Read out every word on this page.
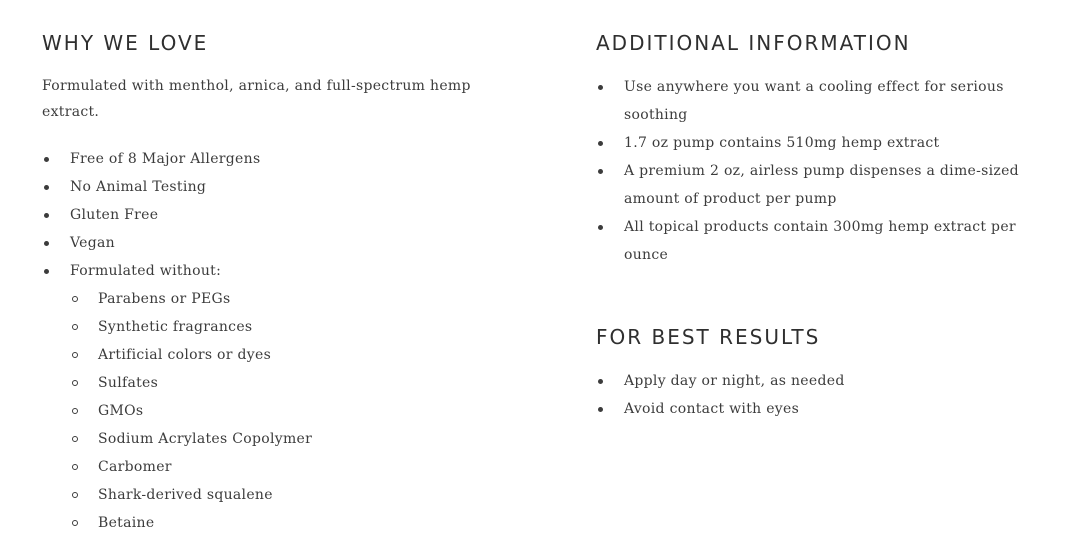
WHY WE LOVE

Formulated with menthol, arnica, and full-spectrum hemp extract.

Free of 8 Major Allergens
No Animal Testing
Gluten Free
Vegan
Formulated without:
Parabens or PEGs
Synthetic fragrances
Artificial colors or dyes
Sulfates
GMOs
Sodium Acrylates Copolymer
Carbomer
Shark-derived squalene
Betaine
ADDITIONAL INFORMATION
Use anywhere you want a cooling effect for serious soothing
1.7 oz pump contains 510mg hemp extract
A premium 2 oz, airless pump dispenses a dime-sized amount of product per pump
All topical products contain 300mg hemp extract per ounce
FOR BEST RESULTS
Apply day or night, as needed
Avoid contact with eyes
